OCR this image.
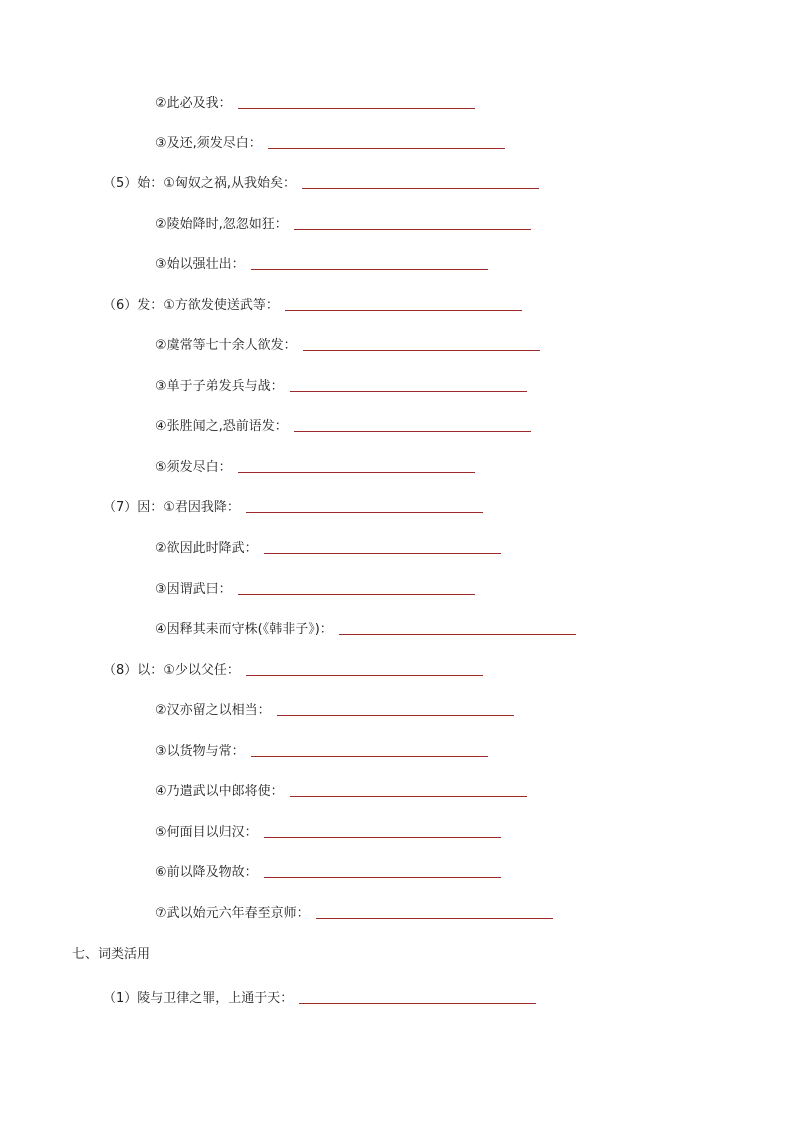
②此必及我：
③及还,须发尽白：
（5）始：①匈奴之祸,从我始矣：
②陵始降时,忽忽如狂：
③始以强壮出：
（6）发：①方欲发使送武等：
②虞常等七十余人欲发：
③单于子弟发兵与战：
④张胜闻之,恐前语发：
⑤须发尽白：
（7）因：①君因我降：
②欲因此时降武：
③因谓武曰：
④因释其耒而守株(《韩非子》)：
（8）以：①少以父任：
②汉亦留之以相当：
③以货物与常：
④乃遣武以中郎将使：
⑤何面目以归汉：
⑥前以降及物故：
⑦武以始元六年春至京师：
七、词类活用
（1）陵与卫律之罪，上通于天：
